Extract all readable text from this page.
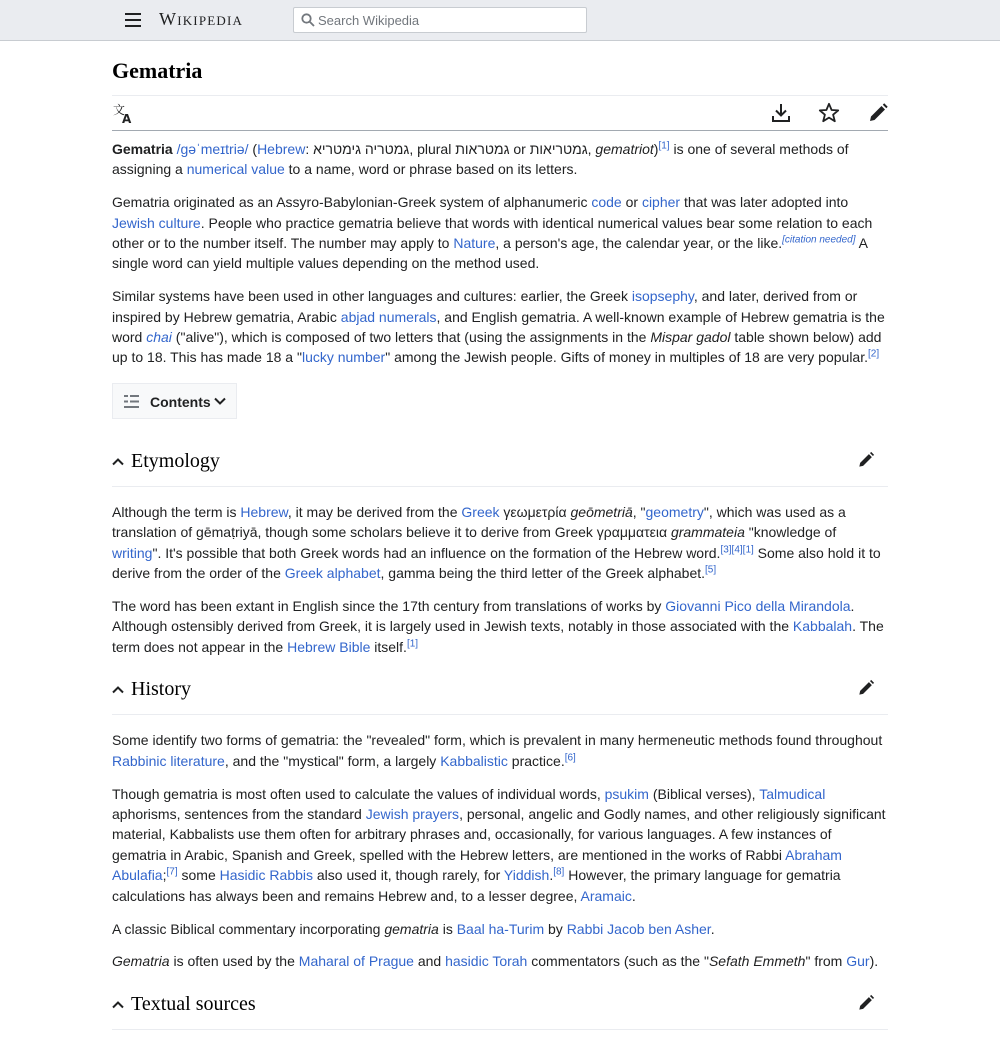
Wikipedia
Search Wikipedia
Gematria
文
A

Gematria /ɡəˈmeɪtriə/ (Hebrew: גמטריה גימטריא, plural גמטראות or גמטריאות, gematriot)[1] is one of several methods of assigning a numerical value to a name, word or phrase based on its letters.

Gematria originated as an Assyro-Babylonian-Greek system of alphanumeric code or cipher that was later adopted into Jewish culture. People who practice gematria believe that words with identical numerical values bear some relation to each other or to the number itself. The number may apply to Nature, a person's age, the calendar year, or the like.[citation needed] A single word can yield multiple values depending on the method used.

Similar systems have been used in other languages and cultures: earlier, the Greek isopsephy, and later, derived from or inspired by Hebrew gematria, Arabic abjad numerals, and English gematria. A well-known example of Hebrew gematria is the word chai ("alive"), which is composed of two letters that (using the assignments in the Mispar gadol table shown below) add up to 18. This has made 18 a "lucky number" among the Jewish people. Gifts of money in multiples of 18 are very popular.[2]

Contents
Etymology

Although the term is Hebrew, it may be derived from the Greek γεωμετρία geōmetriā, "geometry", which was used as a translation of gēmaṭriyā, though some scholars believe it to derive from Greek γραμματεια grammateia "knowledge of writing". It's possible that both Greek words had an influence on the formation of the Hebrew word.[3][4][1] Some also hold it to derive from the order of the Greek alphabet, gamma being the third letter of the Greek alphabet.[5]

The word has been extant in English since the 17th century from translations of works by Giovanni Pico della Mirandola. Although ostensibly derived from Greek, it is largely used in Jewish texts, notably in those associated with the Kabbalah. The term does not appear in the Hebrew Bible itself.[1]

History

Some identify two forms of gematria: the "revealed" form, which is prevalent in many hermeneutic methods found throughout Rabbinic literature, and the "mystical" form, a largely Kabbalistic practice.[6]

Though gematria is most often used to calculate the values of individual words, psukim (Biblical verses), Talmudical aphorisms, sentences from the standard Jewish prayers, personal, angelic and Godly names, and other religiously significant material, Kabbalists use them often for arbitrary phrases and, occasionally, for various languages. A few instances of gematria in Arabic, Spanish and Greek, spelled with the Hebrew letters, are mentioned in the works of Rabbi Abraham Abulafia;[7] some Hasidic Rabbis also used it, though rarely, for Yiddish.[8] However, the primary language for gematria calculations has always been and remains Hebrew and, to a lesser degree, Aramaic.

A classic Biblical commentary incorporating gematria is Baal ha-Turim by Rabbi Jacob ben Asher.

Gematria is often used by the Maharal of Prague and hasidic Torah commentators (such as the "Sefath Emmeth" from Gur).

Textual sources
